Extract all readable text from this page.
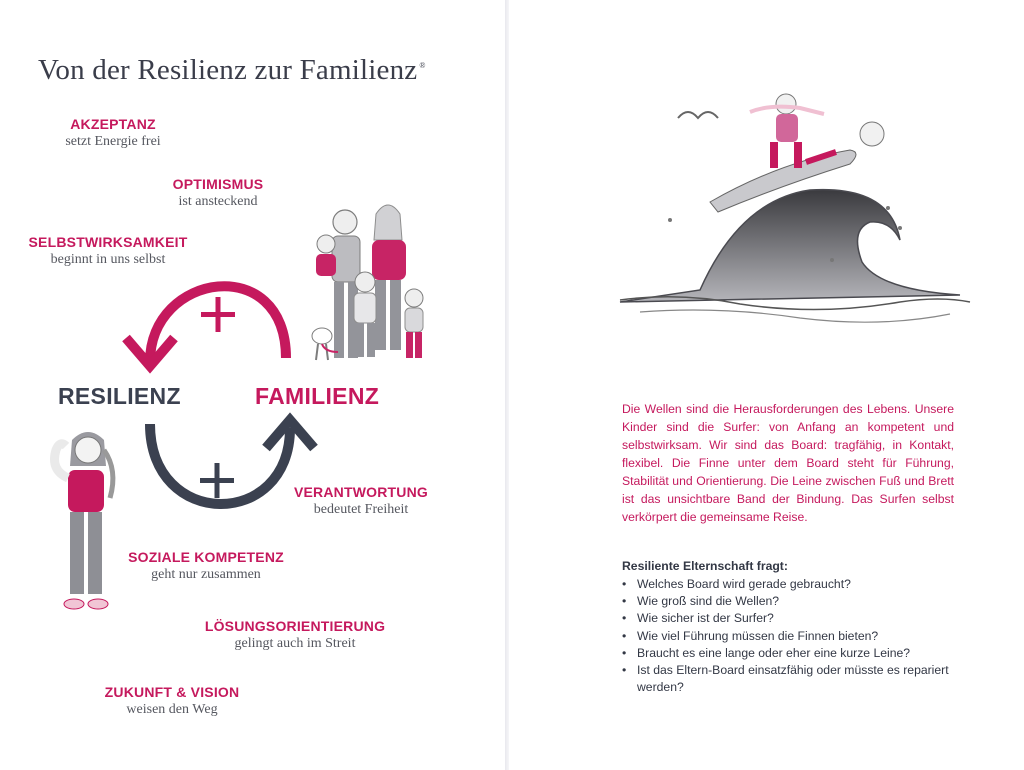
Von der Resilienz zur Familienz ®
AKZEPTANZ
setzt Energie frei
OPTIMISMUS
ist ansteckend
SELBSTWIRKSAMKEIT
beginnt in uns selbst
VERANTWORTUNG
bedeutet Freiheit
SOZIALE KOMPETENZ
geht nur zusammen
LÖSUNGSORIENTIERUNG
gelingt auch im Streit
ZUKUNFT & VISION
weisen den Weg
RESILIENZ	FAMILIENZ	Die Wellen sind die Herausforderungen des Lebens. Unsere Kinder sind die Surfer: von Anfang an kompetent und selbstwirksam. Wir sind das Board: tragfähig, in Kontakt, flexibel. Die Finne unter dem Board steht für Führung, Stabilität und Orientierung. Die Leine zwischen Fuß und Brett ist das unsichtbare Band der Bindung. Das Surfen selbst verkörpert die gemeinsame Reise.
Resiliente Elternschaft fragt:
• Welches Board wird gerade gebraucht?
• Wie groß sind die Wellen?
• Wie sicher ist der Surfer?
• Wie viel Führung müssen die Finnen bieten?
• Braucht es eine lange oder eher eine kurze Leine?
• Ist das Eltern-Board einsatzfähig oder müsste es repariert werden?
